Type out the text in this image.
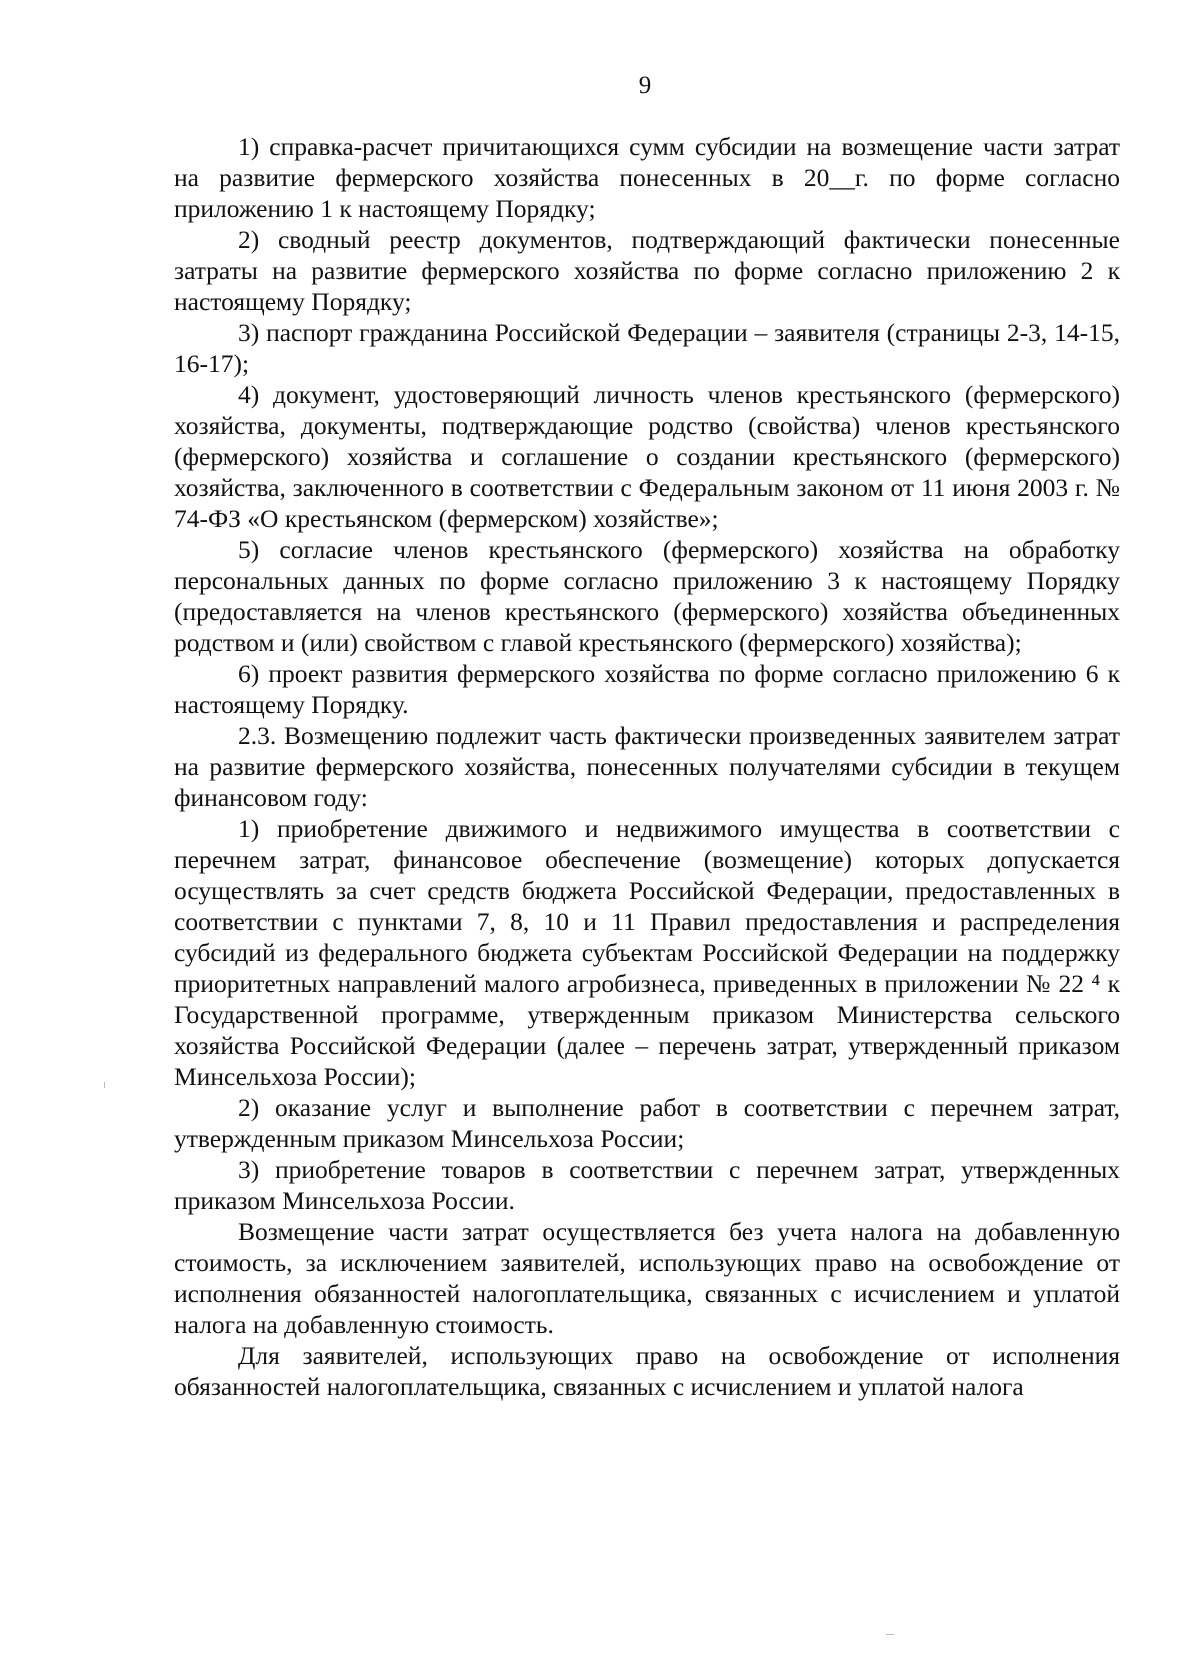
9

1) справка-расчет причитающихся сумм субсидии на возмещение части затрат на развитие фермерского хозяйства понесенных в 20__г. по форме согласно приложению 1 к настоящему Порядку;

2) сводный реестр документов, подтверждающий фактически понесенные затраты на развитие фермерского хозяйства по форме согласно приложению 2 к настоящему Порядку;

3) паспорт гражданина Российской Федерации – заявителя (страницы 2-3, 14-15, 16-17);

4) документ, удостоверяющий личность членов крестьянского (фермерского) хозяйства, документы, подтверждающие родство (свойства) членов крестьянского (фермерского) хозяйства и соглашение о создании крестьянского (фермерского) хозяйства, заключенного в соответствии с Федеральным законом от 11 июня 2003 г. № 74-ФЗ «О крестьянском (фермерском) хозяйстве»;

5) согласие членов крестьянского (фермерского) хозяйства на обработку персональных данных по форме согласно приложению 3 к настоящему Порядку (предоставляется на членов крестьянского (фермерского) хозяйства объединенных родством и (или) свойством с главой крестьянского (фермерского) хозяйства);

6) проект развития фермерского хозяйства по форме согласно приложению 6 к настоящему Порядку.

2.3. Возмещению подлежит часть фактически произведенных заявителем затрат на развитие фермерского хозяйства, понесенных получателями субсидии в текущем финансовом году:

1) приобретение движимого и недвижимого имущества в соответствии с перечнем затрат, финансовое обеспечение (возмещение) которых допускается осуществлять за счет средств бюджета Российской Федерации, предоставленных в соответствии с пунктами 7, 8, 10 и 11 Правил предоставления и распределения субсидий из федерального бюджета субъектам Российской Федерации на поддержку приоритетных направлений малого агробизнеса, приведенных в приложении № 22 ⁴ к Государственной программе, утвержденным приказом Министерства сельского хозяйства Российской Федерации (далее – перечень затрат, утвержденный приказом Минсельхоза России);

2) оказание услуг и выполнение работ в соответствии с перечнем затрат, утвержденным приказом Минсельхоза России;

3) приобретение товаров в соответствии с перечнем затрат, утвержденных приказом Минсельхоза России.

Возмещение части затрат осуществляется без учета налога на добавленную стоимость, за исключением заявителей, использующих право на освобождение от исполнения обязанностей налогоплательщика, связанных с исчислением и уплатой налога на добавленную стоимость.

Для заявителей, использующих право на освобождение от исполнения обязанностей налогоплательщика, связанных с исчислением и уплатой налога
